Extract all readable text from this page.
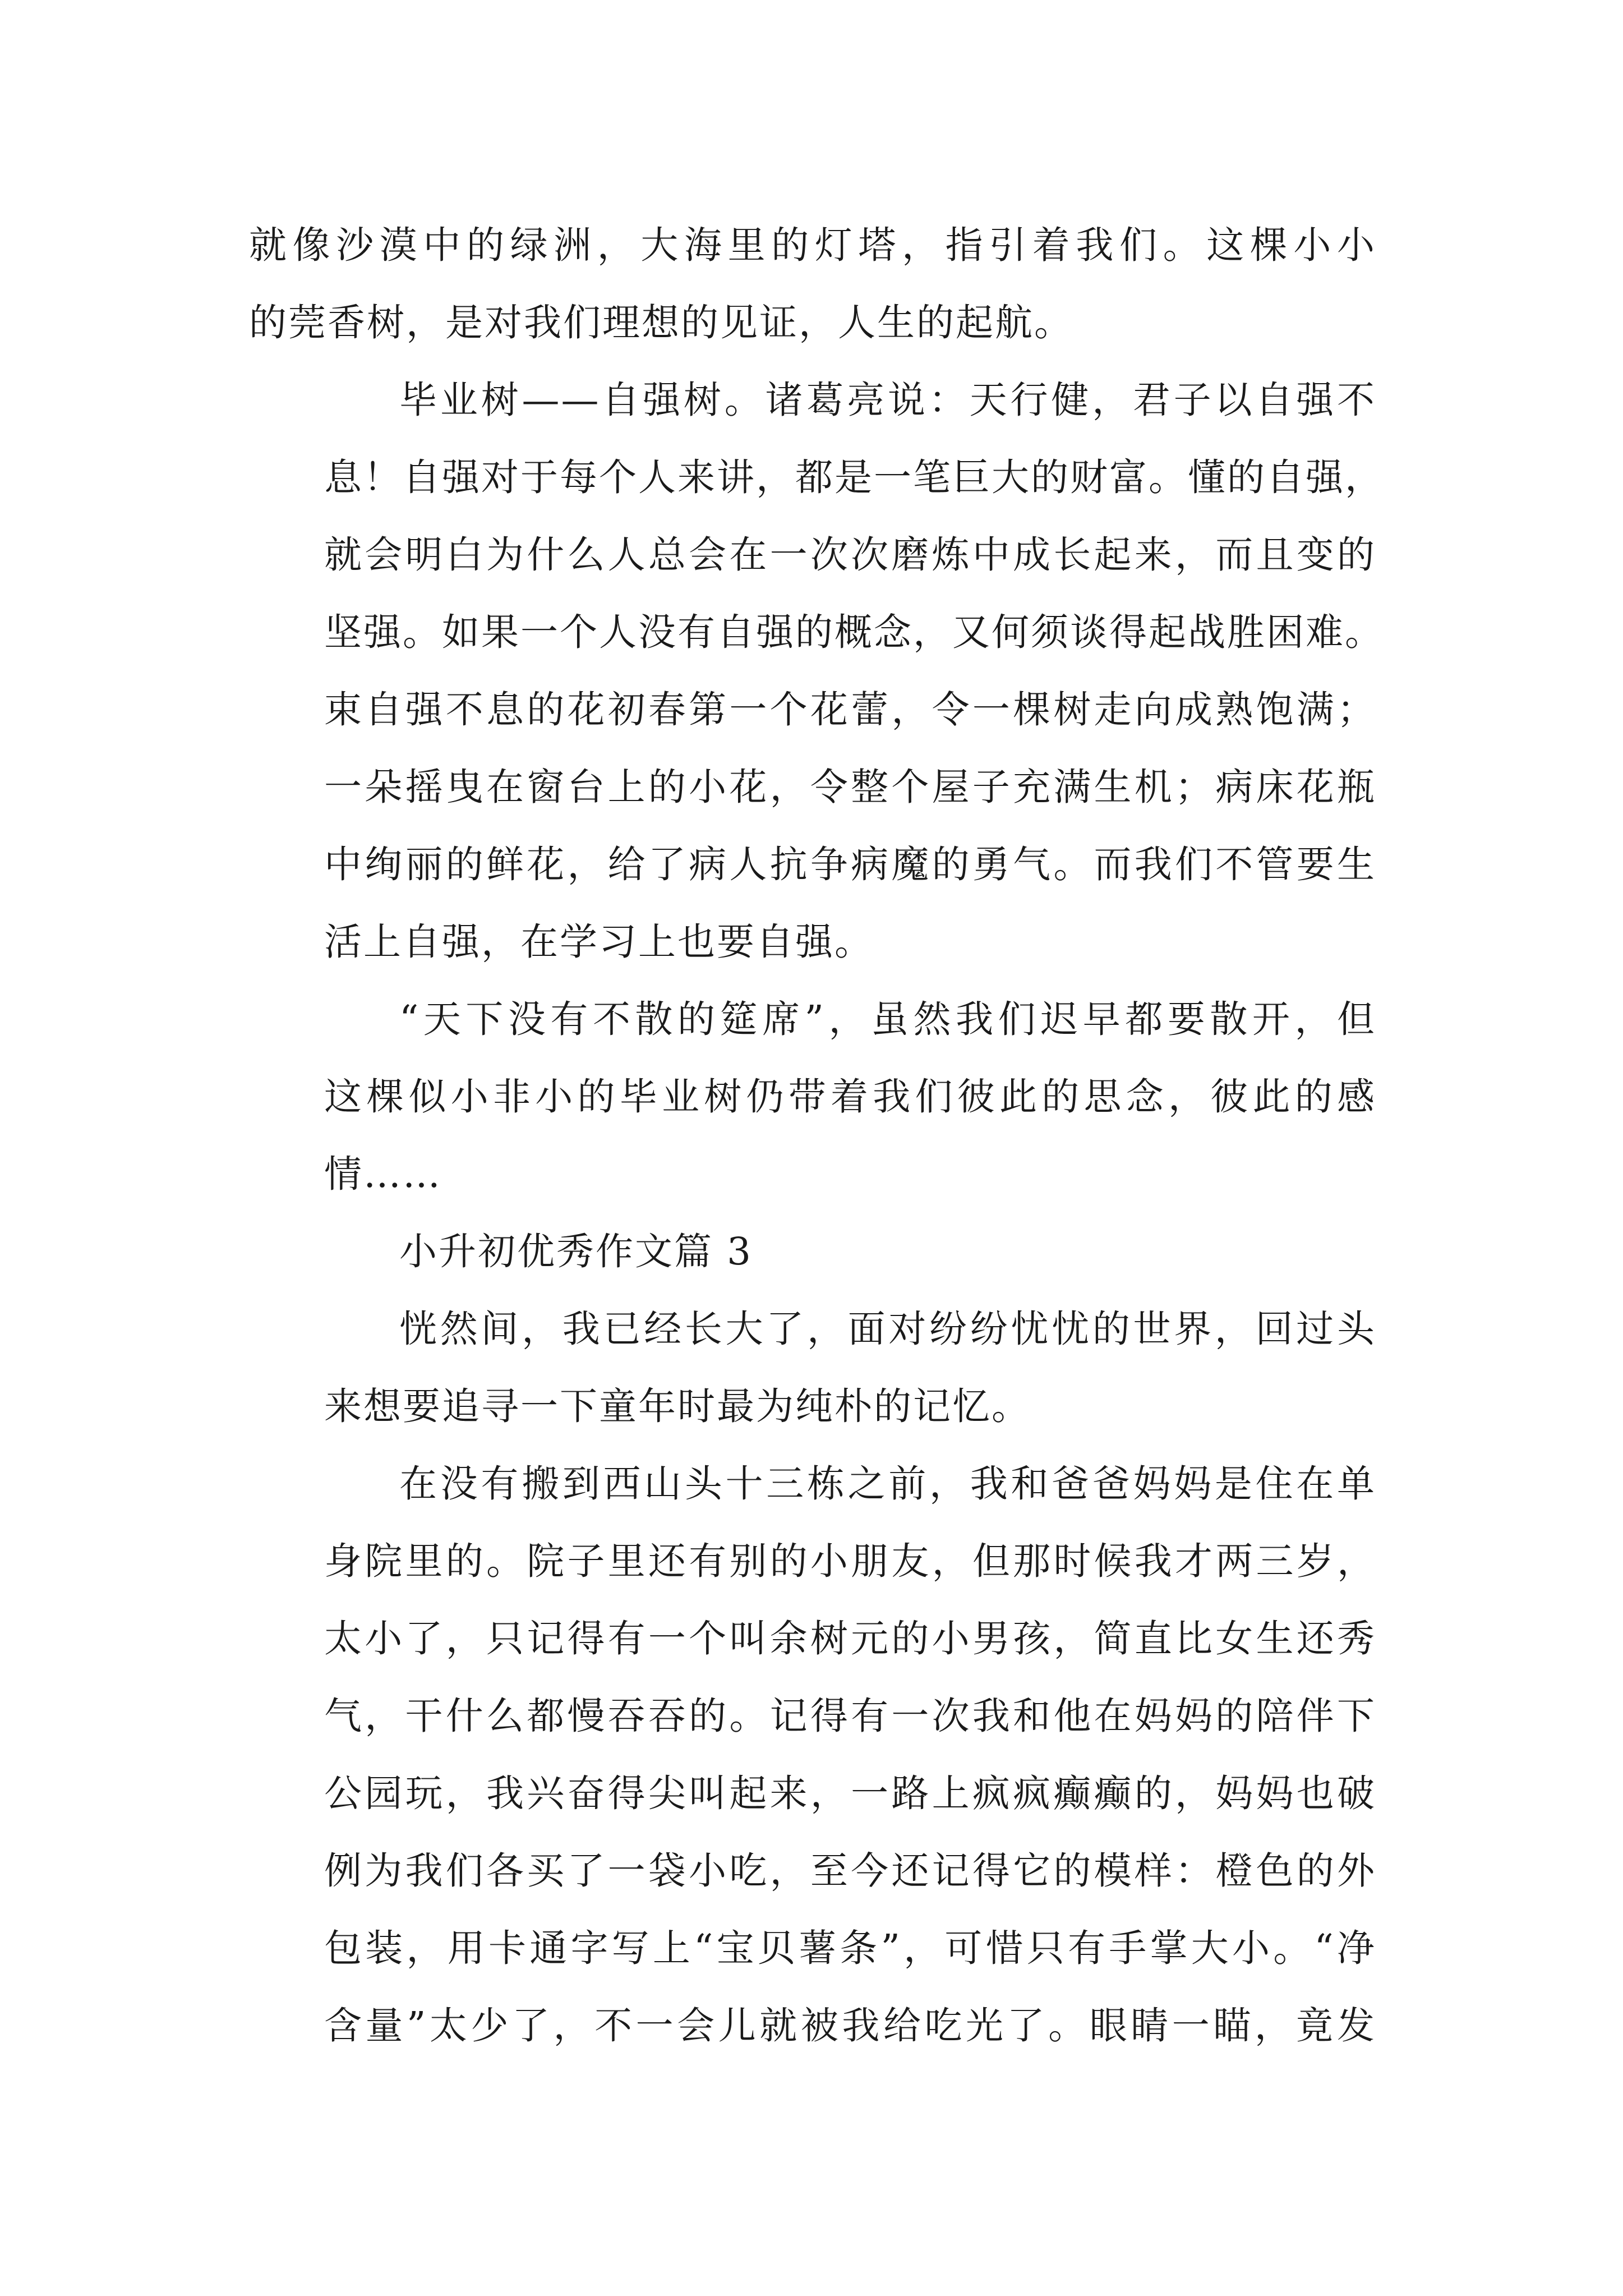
就像沙漠中的绿洲，大海里的灯塔，指引着我们。这棵小小
的莞香树，是对我们理想的见证，人生的起航。
毕业树——自强树。诸葛亮说：天行健，君子以自强不
息！自强对于每个人来讲，都是一笔巨大的财富。懂的自强，
就会明白为什么人总会在一次次磨炼中成长起来，而且变的
坚强。如果一个人没有自强的概念，又何须谈得起战胜困难。
束自强不息的花初春第一个花蕾，令一棵树走向成熟饱满；
一朵摇曳在窗台上的小花，令整个屋子充满生机；病床花瓶
中绚丽的鲜花，给了病人抗争病魔的勇气。而我们不管要生
活上自强，在学习上也要自强。
“天下没有不散的筵席”，虽然我们迟早都要散开，但
这棵似小非小的毕业树仍带着我们彼此的思念，彼此的感
情……
小升初优秀作文篇 3
恍然间，我已经长大了，面对纷纷忧忧的世界，回过头
来想要追寻一下童年时最为纯朴的记忆。
在没有搬到西山头十三栋之前，我和爸爸妈妈是住在单
身院里的。院子里还有别的小朋友，但那时候我才两三岁，
太小了，只记得有一个叫余树元的小男孩，简直比女生还秀
气，干什么都慢吞吞的。记得有一次我和他在妈妈的陪伴下
公园玩，我兴奋得尖叫起来，一路上疯疯癫癫的，妈妈也破
例为我们各买了一袋小吃，至今还记得它的模样：橙色的外
包装，用卡通字写上“宝贝薯条”，可惜只有手掌大小。“净
含量”太少了，不一会儿就被我给吃光了。眼睛一瞄，竟发
